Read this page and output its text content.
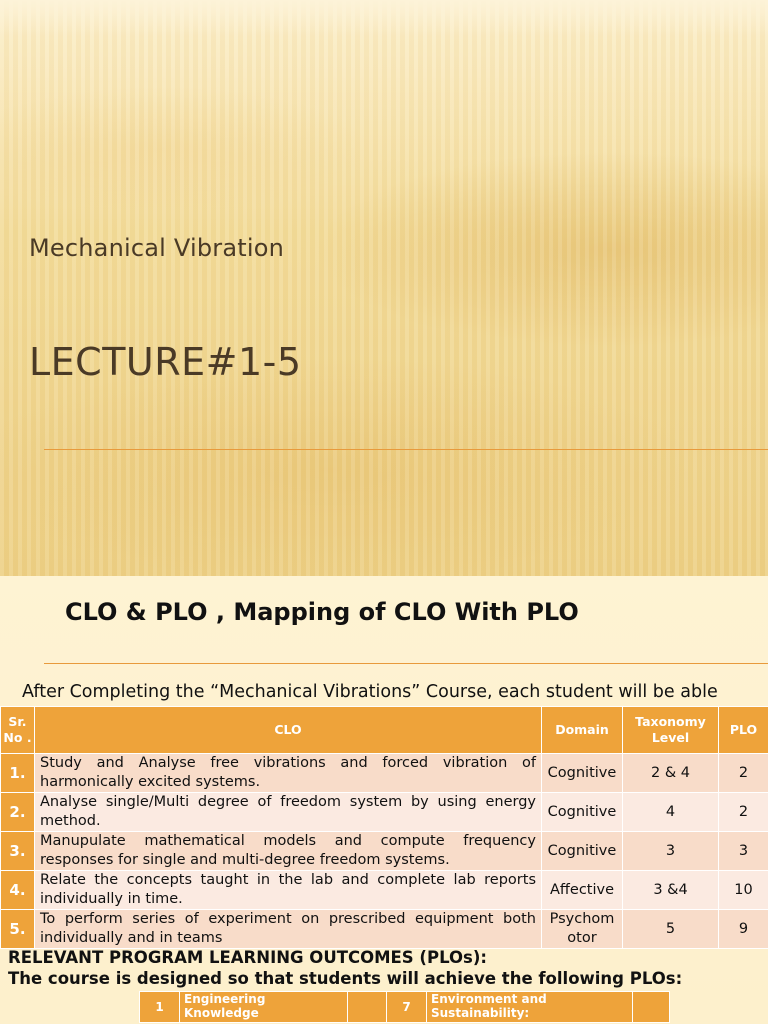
Mechanical Vibration
LECTURE#1-5
CLO & PLO , Mapping of CLO With PLO
After Completing the “Mechanical Vibrations” Course, each student will be able
Sr. No .	CLO	Domain	Taxonomy Level	PLO
1.	Study and Analyse free vibrations and forced vibration of harmonically excited systems.	Cognitive	2 & 4	2
2.	Analyse single/Multi degree of freedom system by using energy method.	Cognitive	4	2
3.	Manupulate mathematical models and compute frequency responses for single and multi-degree freedom systems.	Cognitive	3	3
4.	Relate the concepts taught in the lab and complete lab reports individually in time.	Affective	3 &4	10
5.	To perform series of experiment on prescribed equipment both individually and in teams	Psychomotor	5	9
RELEVANT PROGRAM LEARNING OUTCOMES (PLOs):
The course is designed so that students will achieve the following PLOs:
1	Engineering Knowledge		7	Environment and Sustainability:	
